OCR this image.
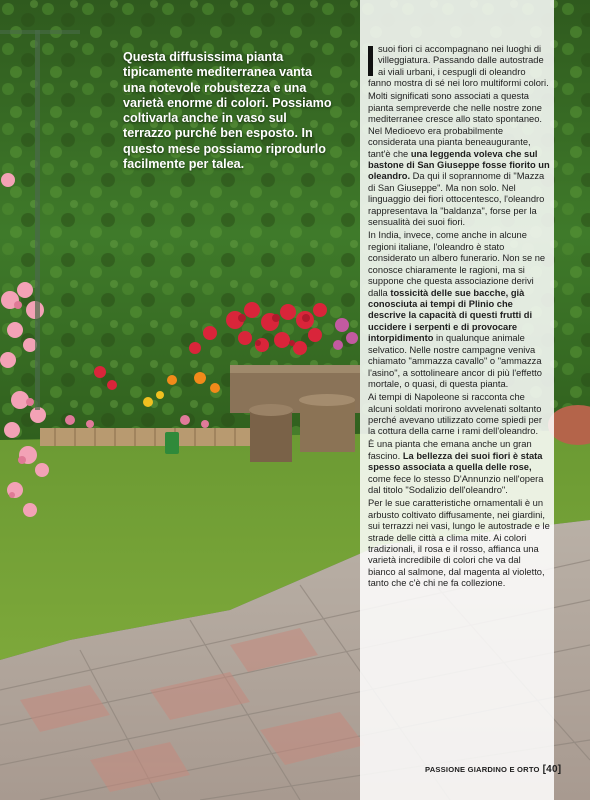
Questa diffusissima pianta tipicamente mediterranea vanta una notevole robustezza e una varietà enorme di colori. Possiamo coltivarla anche in vaso sul terrazzo purché ben esposto. In questo mese possiamo riprodurlo facilmente per talea.

suoi fiori ci accompagnano nei luoghi di villeggiatura. Passando dalle autostrade ai viali urbani, i cespugli di oleandro fanno mostra di sé nei loro multiformi colori.

Molti significati sono associati a questa pianta sempreverde che nelle nostre zone mediterranee cresce allo stato spontaneo. Nel Medioevo era probabilmente considerata una pianta beneaugurante, tant'è che una leggenda voleva che sul bastone di San Giuseppe fosse fiorito un oleandro. Da qui il soprannome di "Mazza di San Giuseppe". Ma non solo. Nel linguaggio dei fiori ottocentesco, l'oleandro rappresentava la "baldanza", forse per la sensualità dei suoi fiori.

In India, invece, come anche in alcune regioni italiane, l'oleandro è stato considerato un albero funerario. Non se ne conosce chiaramente le ragioni, ma si suppone che questa associazione derivi dalla tossicità delle sue bacche, già conosciuta ai tempi di Plinio che descrive la capacità di questi frutti di uccidere i serpenti e di provocare intorpidimento in qualunque animale selvatico. Nelle nostre campagne veniva chiamato "ammazza cavallo" o "ammazza l'asino", a sottolineare ancor di più l'effetto mortale, o quasi, di questa pianta.

Ai tempi di Napoleone si racconta che alcuni soldati morirono avvelenati soltanto perché avevano utilizzato come spiedi per la cottura della carne i rami dell'oleandro.

È una pianta che emana anche un gran fascino. La bellezza dei suoi fiori è stata spesso associata a quella delle rose, come fece lo stesso D'Annunzio nell'opera dal titolo "Sodalizio dell'oleandro".

Per le sue caratteristiche ornamentali è un arbusto coltivato diffusamente, nei giardini, sui terrazzi nei vasi, lungo le autostrade e le strade delle città a clima mite. Ai colori tradizionali, il rosa e il rosso, affianca una varietà incredibile di colori che va dal bianco al salmone, dal magenta al violetto, tanto che c'è chi ne fa collezione.

PASSIONE GIARDINO E ORTO [40]
